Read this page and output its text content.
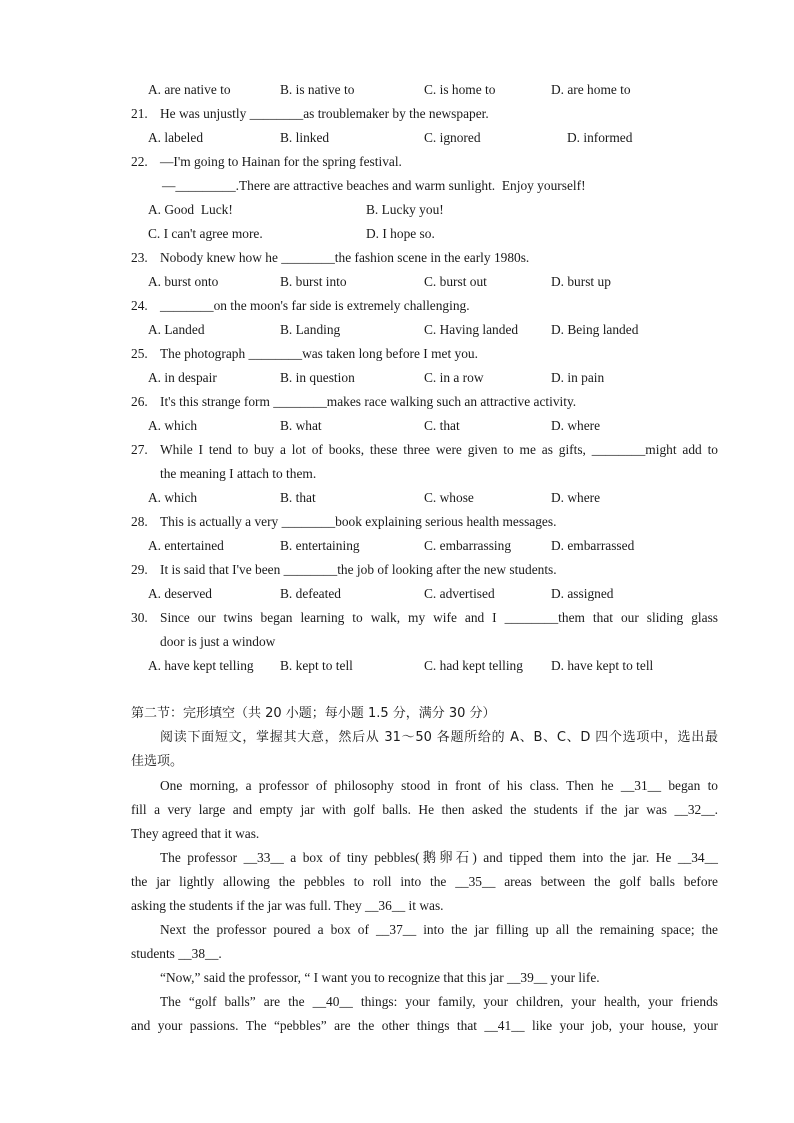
A. are native to	B. is native to	C. is home to	D. are home to
21. He was unjustly ________as troublemaker by the newspaper.
A. labeled	B. linked	C. ignored	D. informed
22. —I'm going to Hainan for the spring festival.
—_________.There are attractive beaches and warm sunlight.  Enjoy yourself!
A. Good  Luck!	B. Lucky you!
C. I can't agree more.	D. I hope so.
23. Nobody knew how he ________the fashion scene in the early 1980s.
A. burst onto	B. burst into	C. burst out	D. burst up
24. ________on the moon's far side is extremely challenging.
A. Landed	B. Landing	C. Having landed D. Being landed
25. The photograph ________was taken long before I met you.
A. in despair	B. in question	C. in a row	D. in pain
26. It's this strange form ________makes race walking such an attractive activity.
A. which	B. what	C. that	D. where
27. While I tend to buy a lot of books, these three were given to me as gifts, ________might add to
the meaning I attach to them.
A. which	B. that	C. whose	D. where
28. This is actually a very ________book explaining serious health messages.
A. entertained	B. entertaining	C. embarrassing	D. embarrassed
29. It is said that I've been ________the job of looking after the new students.
A. deserved	B. defeated	C. advertised	D. assigned
30. Since our twins began learning to walk, my wife and I ________them that our sliding glass
door is just a window
A. have kept telling B. kept to tell	C. had kept telling D. have kept to tell
第二节：完形填空（共 20 小题；每小题 1.5 分，满分 30 分）
阅读下面短文，掌握其大意，然后从 31～50 各题所给的 A、B、C、D 四个选项中，选出最
佳选项。
One morning, a professor of philosophy stood in front of his class. Then he __31__ began to
fill a very large and empty jar with golf balls. He then asked the students if the jar was __32__.
They agreed that it was.
The professor __33__ a box of tiny pebbles(鹅卵石) and tipped them into the jar. He __34__
the jar lightly allowing the pebbles to roll into the __35__ areas between the golf balls before
asking the students if the jar was full. They __36__ it was.
Next the professor poured a box of __37__ into the jar filling up all the remaining space; the
students __38__.
“Now,” said the professor, “ I want you to recognize that this jar __39__ your life.
The “golf balls” are the __40__ things: your family, your children, your health, your friends
and your passions. The “pebbles” are the other things that __41__ like your job, your house, your
